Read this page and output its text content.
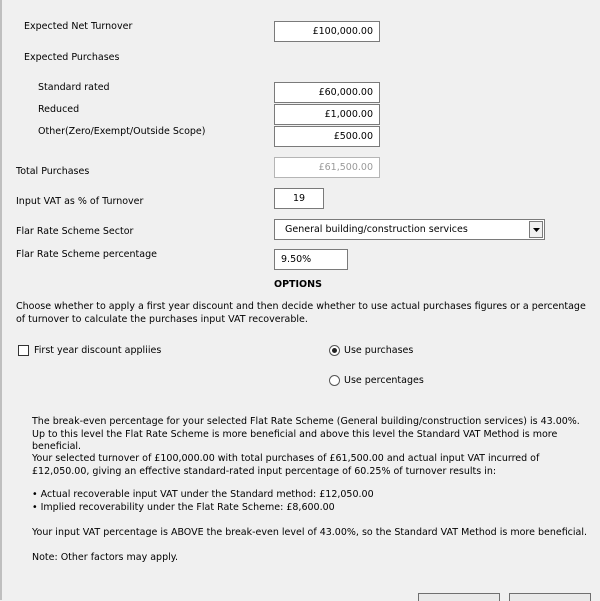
Expected Net Turnover	£100,000.00
Expected Purchases
Standard rated	£60,000.00
Reduced	£1,000.00
Other(Zero/Exempt/Outside Scope)	£500.00
Total Purchases	£61,500.00
Input VAT as % of Turnover	19
Flar Rate Scheme Sector	General building/construction services
Flar Rate Scheme percentage	9.50%
OPTIONS
Choose whether to apply a first year discount and then decide whether to use actual purchases figures or a percentage of turnover to calculate the purchases input VAT recoverable.
First year discount appliies	Use purchases
Use percentages
The break-even percentage for your selected Flat Rate Scheme (General building/construction services) is 43.00%. Up to this level the Flat Rate Scheme is more beneficial and above this level the Standard VAT Method is more beneficial.
Your selected turnover of £100,000.00 with total purchases of £61,500.00 and actual input VAT incurred of £12,050.00, giving an effective standard-rated input percentage of 60.25% of turnover results in:
• Actual recoverable input VAT under the Standard method: £12,050.00
• Implied recoverability under the Flat Rate Scheme: £8,600.00
Your input VAT percentage is ABOVE the break-even level of 43.00%, so the Standard VAT Method is more beneficial.
Note: Other factors may apply.
